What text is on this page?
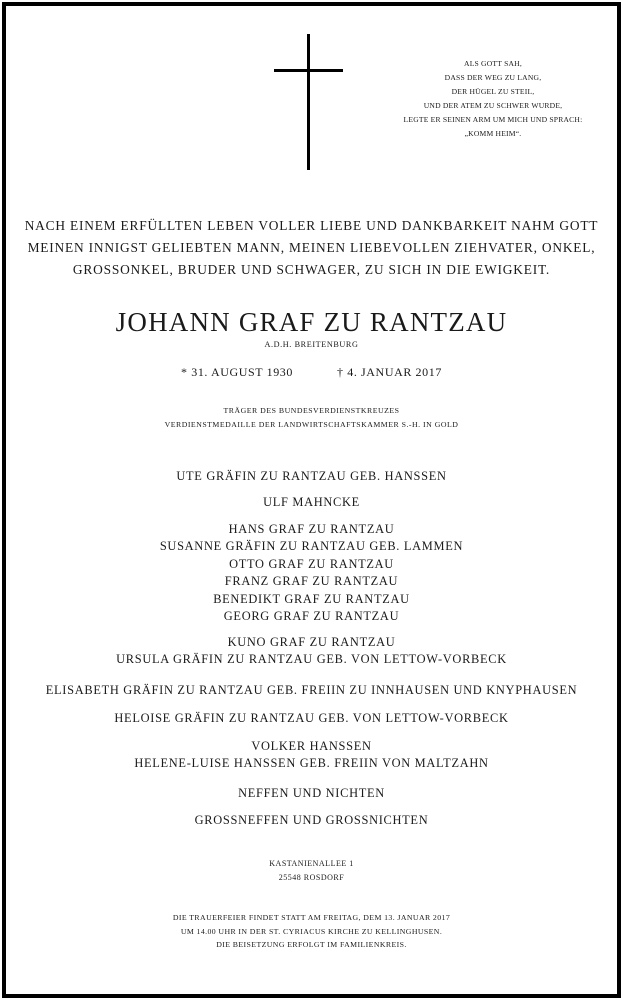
ALS GOTT SAH,
DASS DER WEG ZU LANG,
DER HÜGEL ZU STEIL,
UND DER ATEM ZU SCHWER WURDE,
LEGTE ER SEINEN ARM UM MICH UND SPRACH:
„KOMM HEIM“.
NACH EINEM ERFÜLLTEN LEBEN VOLLER LIEBE UND DANKBARKEIT NAHM GOTT
MEINEN INNIGST GELIEBTEN MANN, MEINEN LIEBEVOLLEN ZIEHVATER, ONKEL,
GROSSONKEL, BRUDER UND SCHWAGER, ZU SICH IN DIE EWIGKEIT.
JOHANN GRAF ZU RANTZAU
A.D.H. BREITENBURG
* 31. AUGUST 1930	† 4. JANUAR 2017
TRÄGER DES BUNDESVERDIENSTKREUZES
VERDIENSTMEDAILLE DER LANDWIRTSCHAFTSKAMMER S.-H. IN GOLD
UTE GRÄFIN ZU RANTZAU GEB. HANSSEN
ULF MAHNCKE
HANS GRAF ZU RANTZAU
SUSANNE GRÄFIN ZU RANTZAU GEB. LAMMEN
OTTO GRAF ZU RANTZAU
FRANZ GRAF ZU RANTZAU
BENEDIKT GRAF ZU RANTZAU
GEORG GRAF ZU RANTZAU
KUNO GRAF ZU RANTZAU
URSULA GRÄFIN ZU RANTZAU GEB. VON LETTOW-VORBECK
ELISABETH GRÄFIN ZU RANTZAU GEB. FREIIN ZU INNHAUSEN UND KNYPHAUSEN
HELOISE GRÄFIN ZU RANTZAU GEB. VON LETTOW-VORBECK
VOLKER HANSSEN
HELENE-LUISE HANSSEN GEB. FREIIN VON MALTZAHN
NEFFEN UND NICHTEN
GROSSNEFFEN UND GROSSNICHTEN
KASTANIENALLEE 1
25548 ROSDORF
DIE TRAUERFEIER FINDET STATT AM FREITAG, DEM 13. JANUAR 2017
UM 14.00 UHR IN DER ST. CYRIACUS KIRCHE ZU KELLINGHUSEN.
DIE BEISETZUNG ERFOLGT IM FAMILIENKREIS.
